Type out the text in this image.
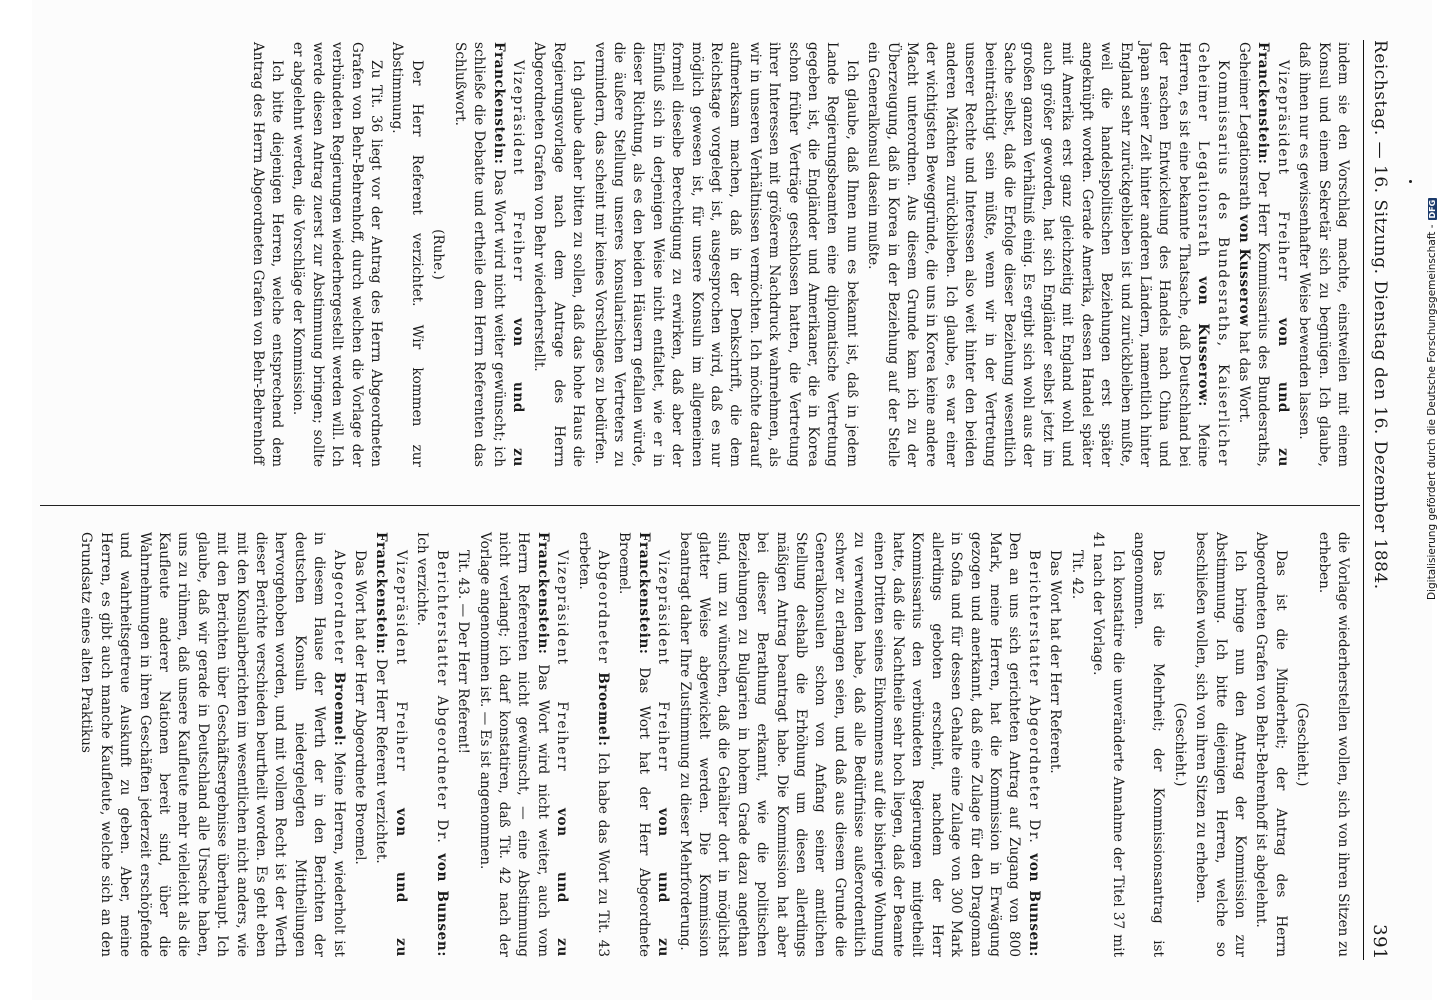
Reichstag. — 16. Sitzung. Dienstag den 16. Dezember 1884.
391

indem sie den Vorschlag machte, einstweilen mit einem Konsul und einem Sekretär sich zu begnügen. Ich glaube, daß ihnen nur es gewissenhafter Weise bewenden lassen.

Vizepräsident Freiherr von und zu Franckenstein: Der Herr Kommissarius des Bundesraths, Geheimer Legationsrath von Kusserow hat das Wort.

Kommissarius des Bundesraths, Kaiserlicher Geheimer Legationsrath von Kusserow: Meine Herren, es ist eine bekannte Thatsache, daß Deutschland bei der raschen Entwickelung des Handels nach China und Japan seiner Zeit hinter anderen Ländern, namentlich hinter England sehr zurückgeblieben ist und zurückbleiben mußte, weil die handelspolitischen Beziehungen erst später angeknüpft worden. Gerade Amerika, dessen Handel später mit Amerika erst ganz gleichzeitig mit England wohl und auch größer geworden, hat sich Engländer selbst jetzt im großen ganzen Verhältniß einig. Es ergibt sich wohl aus der Sache selbst, daß die Erfolge dieser Beziehung wesentlich beeinträchtigt sein müßte, wenn wir in der Vertretung unserer Rechte und Interessen also weit hinter den beiden anderen Mächten zurückblieben. Ich glaube, es war einer der wichtigsten Beweggründe, die uns in Korea keine andere Macht unterordnen. Aus diesem Grunde kam ich zu der Überzeugung, daß in Korea in der Beziehung auf der Stelle ein Generalkonsul dasein mußte.

Ich glaube, daß Ihnen nun es bekannt ist, daß in jedem Lande Regierungsbeamten eine diplomatische Vertretung gegeben ist, die Engländer und Amerikaner, die in Korea schon früher Verträge geschlossen hatten, die Vertretung ihrer Interessen mit größerem Nachdruck wahrnehmen, als wir in unseren Verhältnissen vermöchten. Ich möchte darauf aufmerksam machen, daß in der Denkschrift, die dem Reichstage vorgelegt ist, ausgesprochen wird, daß es nur möglich gewesen ist, für unsere Konsuln im allgemeinen formell dieselbe Berechtigung zu erwirken, daß aber der Einfluß sich in derjenigen Weise nicht entfaltet, wie er in dieser Richtung, als es den beiden Häusern gefallen würde, die äußere Stellung unseres konsularischen Vertreters zu vermindern, das scheint mir keines Vorschlages zu bedürfen.

Ich glaube daher bitten zu sollen, daß das hohe Haus die Regierungsvorlage nach dem Antrage des Herrn Abgeordneten Grafen von Behr wiederherstellt.

Vizepräsident Freiherr von und zu Franckenstein: Das Wort wird nicht weiter gewünscht; ich schließe die Debatte und ertheile dem Herrn Referenten das Schlußwort.

(Ruhe.)

Der Herr Referent verzichtet. Wir kommen zur Abstimmung.

Zu Tit. 36 liegt vor der Antrag des Herrn Abgeordneten Grafen von Behr-Behrenhoff, durch welchen die Vorlage der verbündeten Regierungen wiederhergestellt werden will. Ich werde diesen Antrag zuerst zur Abstimmung bringen; sollte er abgelehnt werden, die Vorschläge der Kommission.

Ich bitte diejenigen Herren, welche entsprechend dem Antrag des Herrn Abgeordneten Grafen von Behr-Behrenhoff

die Vorlage wiederherstellen wollen, sich von ihren Sitzen zu erheben.

(Geschieht.)

Das ist die Minderheit; der Antrag des Herrn Abgeordneten Grafen von Behr-Behrenhoff ist abgelehnt.

Ich bringe nun den Antrag der Kommission zur Abstimmung. Ich bitte diejenigen Herren, welche so beschließen wollen, sich von ihren Sitzen zu erheben.

(Geschieht.)

Das ist die Mehrheit; der Kommissionsantrag ist angenommen.

Ich konstatire die unveränderte Annahme der Titel 37 mit 41 nach der Vorlage.

Tit. 42.

Das Wort hat der Herr Referent.

Berichterstatter Abgeordneter Dr. von Bunsen: Den an uns sich gerichteten Antrag auf Zugang von 800 Mark, meine Herren, hat die Kommission in Erwägung gezogen und anerkannt, daß eine Zulage für den Dragoman in Sofia und für dessen Gehalte eine Zulage von 300 Mark allerdings geboten erscheint, nachdem der Herr Kommissarius den verbündeten Regierungen mitgetheilt hatte, daß die Nachtheile sehr hoch liegen, daß der Beamte einen Dritten seines Einkommens auf die bisherige Wohnung zu verwenden habe, daß alle Bedürfnisse außerordentlich schwer zu erlangen seien, und daß aus diesem Grunde die Generalkonsulen schon von Anfang seiner amtlichen Stellung deshalb die Erhöhung um diesen allerdings mäßigen Antrag beantragt habe. Die Kommission hat aber bei dieser Berathung erkannt, wie die politischen Beziehungen zu Bulgarien in hohem Grade dazu angethan sind, um zu wünschen, daß die Gehälter dort in möglichst glatter Weise abgewickelt werden. Die Kommission beantragt daher Ihre Zustimmung zu dieser Mehrforderung.

Vizepräsident Freiherr von und zu Franckenstein: Das Wort hat der Herr Abgeordnete Broemel.

Abgeordneter Broemel: Ich habe das Wort zu Tit. 43 erbeten.

Vizepräsident Freiherr von und zu Franckenstein: Das Wort wird nicht weiter, auch vom Herrn Referenten nicht gewünscht, — eine Abstimmung nicht verlangt; ich darf konstatiren, daß Tit. 42 nach der Vorlage angenommen ist. — Es ist angenommen.

Tit. 43. — Der Herr Referent!

Berichterstatter Abgeordneter Dr. von Bunsen: Ich verzichte.

Vizepräsident Freiherr von und zu Franckenstein: Der Herr Referent verzichtet.

Das Wort hat der Herr Abgeordnete Broemel.

Abgeordneter Broemel: Meine Herren, wiederholt ist in diesem Hause der Werth der in den Berichten der deutschen Konsuln niedergelegten Mittheilungen hervorgehoben worden, und mit vollem Recht ist der Werth dieser Berichte verschieden beurtheilt worden. Es geht eben mit den Konsularberichten im wesentlichen nicht anders, wie mit den Berichten über Geschäftsergebnisse überhaupt. Ich glaube, daß wir gerade in Deutschland alle Ursache haben, uns zu rühmen, daß unsere Kaufleute mehr vielleicht als die Kaufleute anderer Nationen bereit sind, über die Wahrnehmungen in ihren Geschäften jederzeit erschöpfende und wahrheitsgetreue Auskunft zu geben. Aber, meine Herren, es gibt auch manche Kaufleute, welche sich an den Grundsatz eines alten Praktikus

Digitalisierung gefördert durch die Deutsche Forschungsgemeinschaft -DFG
